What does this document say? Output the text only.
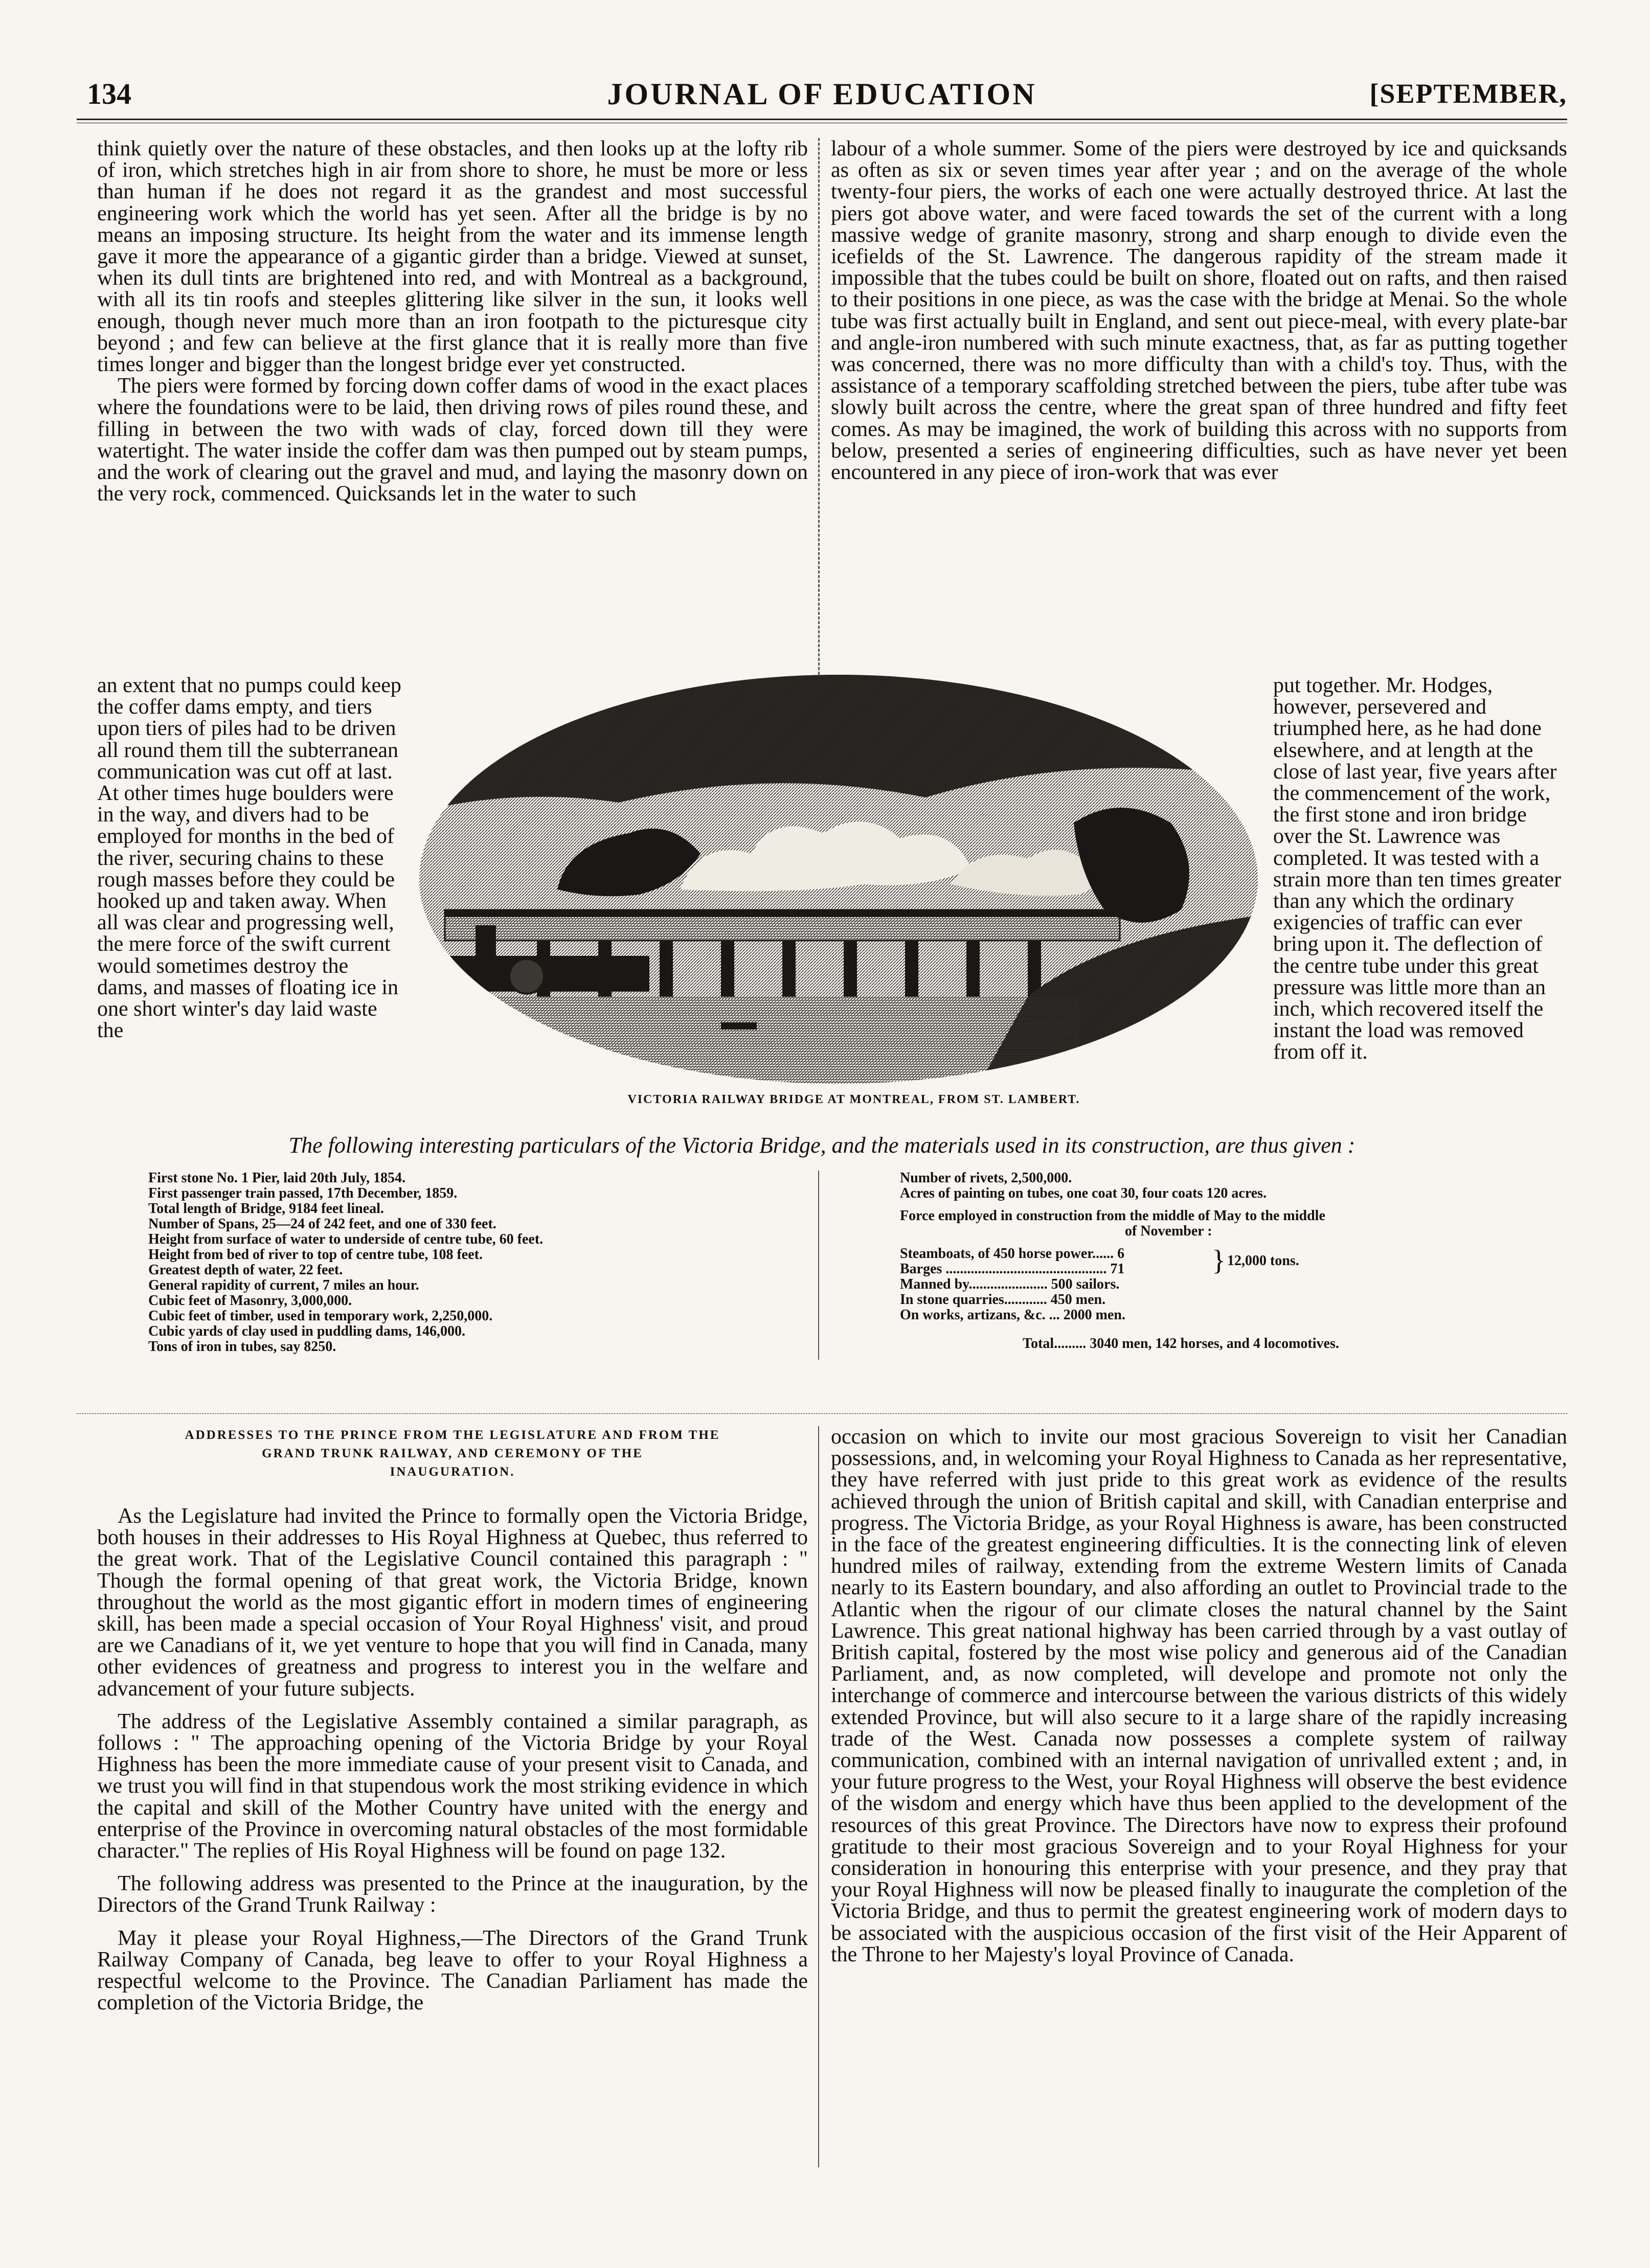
134	JOURNAL OF EDUCATION	[SEPTEMBER,

think quietly over the nature of these obstacles, and then looks up at the lofty rib of iron, which stretches high in air from shore to shore, he must be more or less than human if he does not regard it as the grandest and most successful engineering work which the world has yet seen. After all the bridge is by no means an imposing structure. Its height from the water and its immense length gave it more the appearance of a gigantic girder than a bridge. Viewed at sunset, when its dull tints are brightened into red, and with Montreal as a background, with all its tin roofs and steeples glittering like silver in the sun, it looks well enough, though never much more than an iron footpath to the picturesque city beyond ; and few can believe at the first glance that it is really more than five times longer and bigger than the longest bridge ever yet constructed.

The piers were formed by forcing down coffer dams of wood in the exact places where the foundations were to be laid, then driving rows of piles round these, and filling in between the two with wads of clay, forced down till they were watertight. The water inside the coffer dam was then pumped out by steam pumps, and the work of clearing out the gravel and mud, and laying the masonry down on the very rock, commenced. Quicksands let in the water to such

an extent that no pumps could keep the coffer dams empty, and tiers upon tiers of piles had to be driven all round them till the subterranean communication was cut off at last. At other times huge boulders were in the way, and divers had to be employed for months in the bed of the river, securing chains to these rough masses before they could be hooked up and taken away. When all was clear and progressing well, the mere force of the swift current would sometimes destroy the dams, and masses of floating ice in one short winter's day laid waste the

labour of a whole summer. Some of the piers were destroyed by ice and quicksands as often as six or seven times year after year ; and on the average of the whole twenty-four piers, the works of each one were actually destroyed thrice. At last the piers got above water, and were faced towards the set of the current with a long massive wedge of granite masonry, strong and sharp enough to divide even the icefields of the St. Lawrence. The dangerous rapidity of the stream made it impossible that the tubes could be built on shore, floated out on rafts, and then raised to their positions in one piece, as was the case with the bridge at Menai. So the whole tube was first actually built in England, and sent out piece-meal, with every plate-bar and angle-iron numbered with such minute exactness, that, as far as putting together was concerned, there was no more difficulty than with a child's toy. Thus, with the assistance of a temporary scaffolding stretched between the piers, tube after tube was slowly built across the centre, where the great span of three hundred and fifty feet comes. As may be imagined, the work of building this across with no supports from below, presented a series of engineering difficulties, such as have never yet been encountered in any piece of iron-work that was ever

put together. Mr. Hodges, however, persevered and triumphed here, as he had done elsewhere, and at length at the close of last year, five years after the commencement of the work, the first stone and iron bridge over the St. Lawrence was completed. It was tested with a strain more than ten times greater than any which the ordinary exigencies of traffic can ever bring upon it. The deflection of the centre tube under this great pressure was little more than an inch, which recovered itself the instant the load was removed from off it.

VICTORIA RAILWAY BRIDGE AT MONTREAL, FROM ST. LAMBERT.
The following interesting particulars of the Victoria Bridge, and the materials used in its construction, are thus given :
First stone No. 1 Pier, laid 20th July, 1854.
First passenger train passed, 17th December, 1859.
Total length of Bridge, 9184 feet lineal.
Number of Spans, 25—24 of 242 feet, and one of 330 feet.
Height from surface of water to underside of centre tube, 60 feet.
Height from bed of river to top of centre tube, 108 feet.
Greatest depth of water, 22 feet.
General rapidity of current, 7 miles an hour.
Cubic feet of Masonry, 3,000,000.
Cubic feet of timber, used in temporary work, 2,250,000.
Cubic yards of clay used in puddling dams, 146,000.
Tons of iron in tubes, say 8250.
Number of rivets, 2,500,000.
Acres of painting on tubes, one coat 30, four coats 120 acres.
Force employed in construction from the middle of May to the middle
of November :
Steamboats, of 450 horse power...... 6
Barges ............................................. 71	} 12,000 tons.
Manned by...................... 500 sailors.
In stone quarries............ 450 men.
On works, artizans, &c. ... 2000 men.
Total......... 3040 men, 142 horses, and 4 locomotives.
ADDRESSES TO THE PRINCE FROM THE LEGISLATURE AND FROM THE
GRAND TRUNK RAILWAY, AND CEREMONY OF THE
INAUGURATION.

As the Legislature had invited the Prince to formally open the Victoria Bridge, both houses in their addresses to His Royal Highness at Quebec, thus referred to the great work. That of the Legislative Council contained this paragraph : " Though the formal opening of that great work, the Victoria Bridge, known throughout the world as the most gigantic effort in modern times of engineering skill, has been made a special occasion of Your Royal Highness' visit, and proud are we Canadians of it, we yet venture to hope that you will find in Canada, many other evidences of greatness and progress to interest you in the welfare and advancement of your future subjects.

The address of the Legislative Assembly contained a similar paragraph, as follows : " The approaching opening of the Victoria Bridge by your Royal Highness has been the more immediate cause of your present visit to Canada, and we trust you will find in that stupendous work the most striking evidence in which the capital and skill of the Mother Country have united with the energy and enterprise of the Province in overcoming natural obstacles of the most formidable character." The replies of His Royal Highness will be found on page 132.

The following address was presented to the Prince at the inauguration, by the Directors of the Grand Trunk Railway :

May it please your Royal Highness,—The Directors of the Grand Trunk Railway Company of Canada, beg leave to offer to your Royal Highness a respectful welcome to the Province. The Canadian Parliament has made the completion of the Victoria Bridge, the

occasion on which to invite our most gracious Sovereign to visit her Canadian possessions, and, in welcoming your Royal Highness to Canada as her representative, they have referred with just pride to this great work as evidence of the results achieved through the union of British capital and skill, with Canadian enterprise and progress. The Victoria Bridge, as your Royal Highness is aware, has been constructed in the face of the greatest engineering difficulties. It is the connecting link of eleven hundred miles of railway, extending from the extreme Western limits of Canada nearly to its Eastern boundary, and also affording an outlet to Provincial trade to the Atlantic when the rigour of our climate closes the natural channel by the Saint Lawrence. This great national highway has been carried through by a vast outlay of British capital, fostered by the most wise policy and generous aid of the Canadian Parliament, and, as now completed, will develope and promote not only the interchange of commerce and intercourse between the various districts of this widely extended Province, but will also secure to it a large share of the rapidly increasing trade of the West. Canada now possesses a complete system of railway communication, combined with an internal navigation of unrivalled extent ; and, in your future progress to the West, your Royal Highness will observe the best evidence of the wisdom and energy which have thus been applied to the development of the resources of this great Province. The Directors have now to express their profound gratitude to their most gracious Sovereign and to your Royal Highness for your consideration in honouring this enterprise with your presence, and they pray that your Royal Highness will now be pleased finally to inaugurate the completion of the Victoria Bridge, and thus to permit the greatest engineering work of modern days to be associated with the auspicious occasion of the first visit of the Heir Apparent of the Throne to her Majesty's loyal Province of Canada.
